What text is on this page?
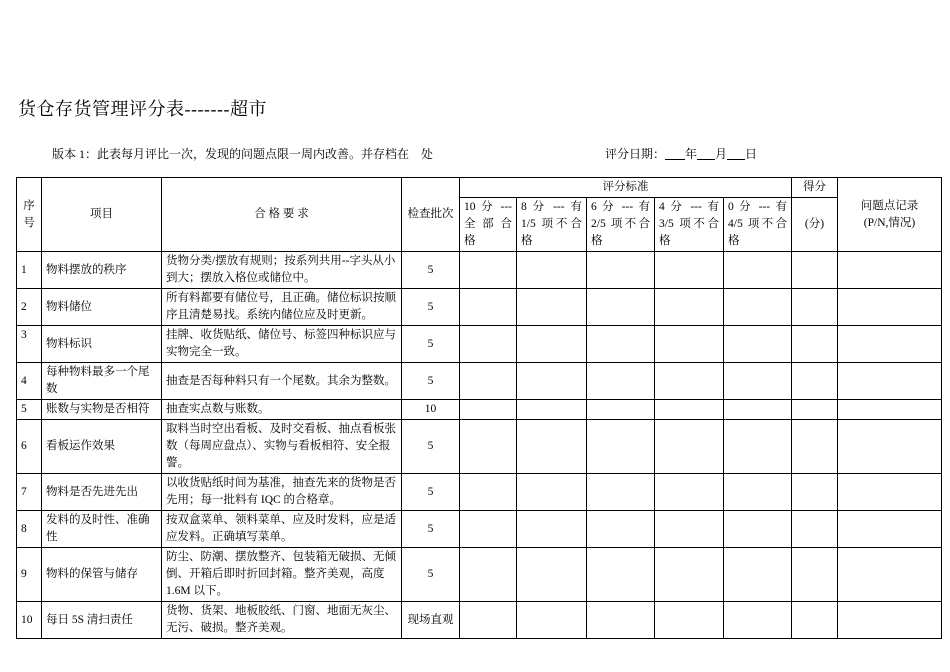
货仓存货管理评分表-------超市
版本 1：此表每月评比一次，发现的问题点限一周内改善。并存档在　处	评分日期： 年 月 日
序号	项目	合 格 要 求	检查批次	评分标准					得分	问题点记录
(P/N,情况)

				10 分 --- 全 部 合 格	8 分 --- 有 1/5 项不合格	6 分 --- 有 2/5 项不合格	4 分 --- 有 3/5 项不合格	0 分 --- 有 4/5 项不合格	(分)	
1	物料摆放的秩序	货物分类/摆放有规则；按系列共用--字头从小到大；摆放入格位或储位中。	5							
2	物料储位	所有料都要有储位号，且正确。储位标识按顺序且清楚易找。系统内储位应及时更新。	5							
3	物料标识	挂牌、收货贴纸、储位号、标签四种标识应与实物完全一致。	5							
4	每种物料最多一个尾数	抽查是否每种料只有一个尾数。其余为整数。	5							
5	账数与实物是否相符	抽查实点数与账数。	10							
6	看板运作效果	取料当时空出看板、及时交看板、抽点看板张数（每周应盘点）、实物与看板相符、安全报警。	5							
7	物料是否先进先出	以收货贴纸时间为基准，抽查先来的货物是否先用；每一批料有 IQC 的合格章。	5							
8	发料的及时性、准确性	按双盒菜单、领料菜单、应及时发料，应是适应发料。正确填写菜单。	5							
9	物料的保管与储存	防尘、防潮、摆放整齐、包装箱无破损、无倾倒、开箱后即时折回封箱。整齐美观，高度 1.6M 以下。	5							
10	每日 5S 清扫责任	货物、货架、地板胶纸、门窗、地面无灰尘、无污、破损。整齐美观。	现场直观							
